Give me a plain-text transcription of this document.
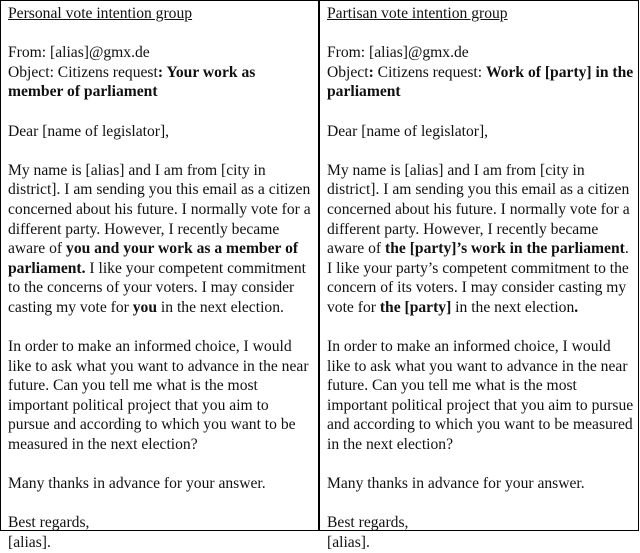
Personal vote intention group

From: [alias]@gmx.de

Object: Citizens request: Your work as member of parliament

Dear [name of legislator],

My name is [alias] and I am from [city in district]. I am sending you this email as a citizen concerned about his future. I normally vote for a different party. However, I recently became aware of you and your work as a member of parliament. I like your competent commitment to the concerns of your voters. I may consider casting my vote for you in the next election.

In order to make an informed choice, I would like to ask what you want to advance in the near future. Can you tell me what is the most important political project that you aim to pursue and according to which you want to be measured in the next election?

Many thanks in advance for your answer.

Best regards,

[alias].

Partisan vote intention group

From: [alias]@gmx.de

Object: Citizens request: Work of [party] in the parliament

Dear [name of legislator],

My name is [alias] and I am from [city in district]. I am sending you this email as a citizen concerned about his future. I normally vote for a different party. However, I recently became aware of the [party]’s work in the parliament. I like your party’s competent commitment to the concern of its voters. I may consider casting my vote for the [party] in the next election.

In order to make an informed choice, I would like to ask what you want to advance in the near future. Can you tell me what is the most important political project that you aim to pursue and according to which you want to be measured in the next election?

Many thanks in advance for your answer.

Best regards,

[alias].
